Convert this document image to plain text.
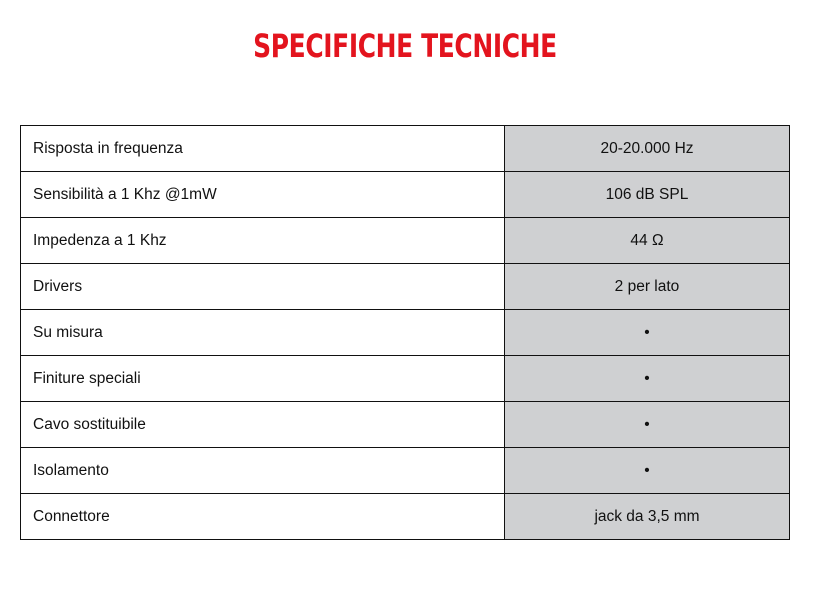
SPECIFICHE TECNICHE
Risposta in frequenza	20-20.000 Hz
Sensibilità a 1 Khz @1mW	106 dB SPL
Impedenza a 1 Khz	44 Ω
Drivers	2 per lato
Su misura	•
Finiture speciali	•
Cavo sostituibile	•
Isolamento	•
Connettore	jack da 3,5 mm
